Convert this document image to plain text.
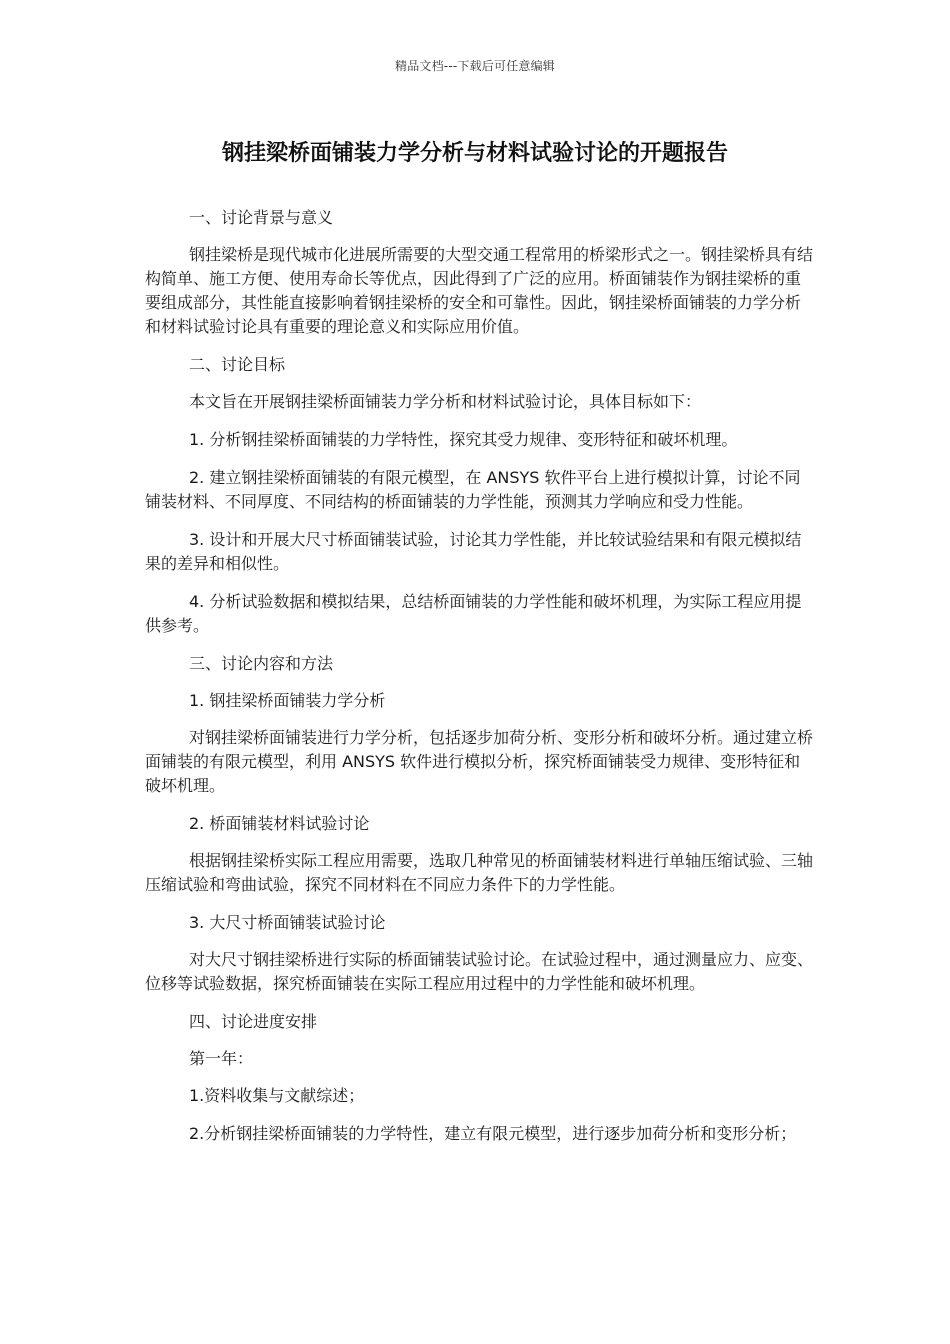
精品文档---下载后可任意编辑
钢挂梁桥面铺装力学分析与材料试验讨论的开题报告

一、讨论背景与意义

钢挂梁桥是现代城市化进展所需要的大型交通工程常用的桥梁形式之一。钢挂梁桥具有结构简单、施工方便、使用寿命长等优点，因此得到了广泛的应用。桥面铺装作为钢挂梁桥的重要组成部分，其性能直接影响着钢挂梁桥的安全和可靠性。因此，钢挂梁桥面铺装的力学分析和材料试验讨论具有重要的理论意义和实际应用价值。

二、讨论目标

本文旨在开展钢挂梁桥面铺装力学分析和材料试验讨论，具体目标如下：

1. 分析钢挂梁桥面铺装的力学特性，探究其受力规律、变形特征和破坏机理。

2. 建立钢挂梁桥面铺装的有限元模型，在 ANSYS 软件平台上进行模拟计算，讨论不同铺装材料、不同厚度、不同结构的桥面铺装的力学性能，预测其力学响应和受力性能。

3. 设计和开展大尺寸桥面铺装试验，讨论其力学性能，并比较试验结果和有限元模拟结果的差异和相似性。

4. 分析试验数据和模拟结果，总结桥面铺装的力学性能和破坏机理，为实际工程应用提供参考。

三、讨论内容和方法

1. 钢挂梁桥面铺装力学分析

对钢挂梁桥面铺装进行力学分析，包括逐步加荷分析、变形分析和破坏分析。通过建立桥面铺装的有限元模型，利用 ANSYS 软件进行模拟分析，探究桥面铺装受力规律、变形特征和破坏机理。

2. 桥面铺装材料试验讨论

根据钢挂梁桥实际工程应用需要，选取几种常见的桥面铺装材料进行单轴压缩试验、三轴压缩试验和弯曲试验，探究不同材料在不同应力条件下的力学性能。

3. 大尺寸桥面铺装试验讨论

对大尺寸钢挂梁桥进行实际的桥面铺装试验讨论。在试验过程中，通过测量应力、应变、位移等试验数据，探究桥面铺装在实际工程应用过程中的力学性能和破坏机理。

四、讨论进度安排

第一年：

1.资料收集与文献综述；

2.分析钢挂梁桥面铺装的力学特性，建立有限元模型，进行逐步加荷分析和变形分析；
